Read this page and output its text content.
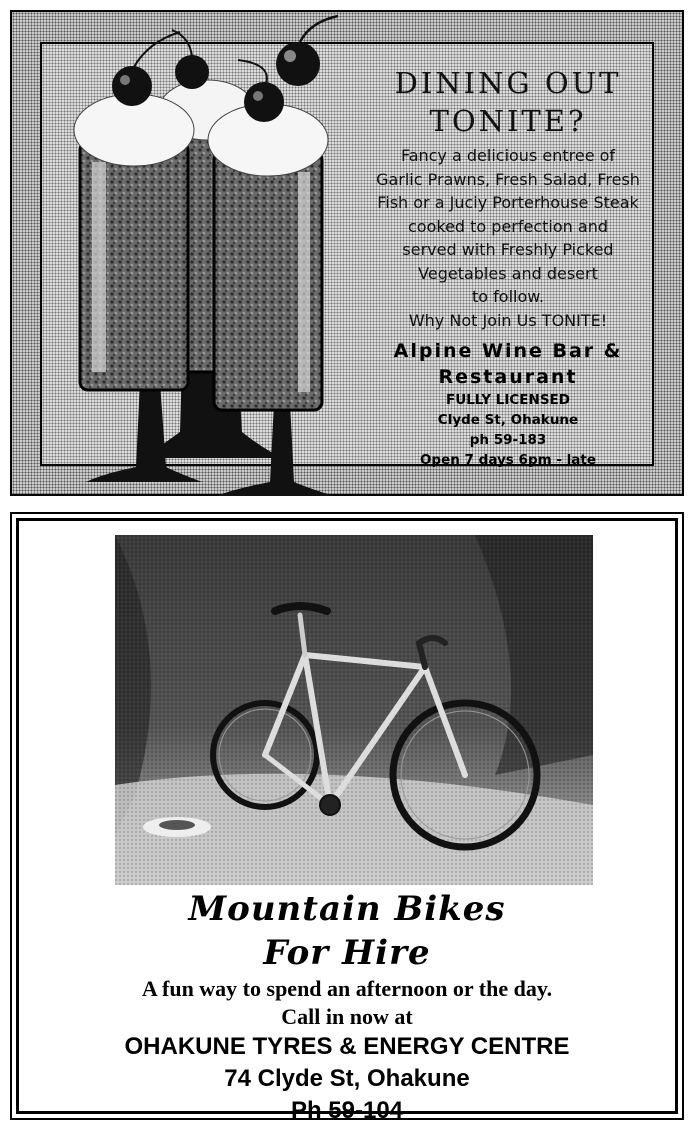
DINING OUT
TONITE?
Fancy a delicious entree of
Garlic Prawns, Fresh Salad, Fresh
Fish or a Juciy Porterhouse Steak
cooked to perfection and
served with Freshly Picked
Vegetables and desert
to follow.
Why Not Join Us TONITE!
Alpine Wine Bar &
Restaurant
FULLY LICENSED
Clyde St, Ohakune
ph 59-183
Open 7 days 6pm - late
Mountain Bikes
For Hire
A fun way to spend an afternoon or the day.
Call in now at
OHAKUNE TYRES & ENERGY CENTRE
74 Clyde St, Ohakune
Ph 59-104
